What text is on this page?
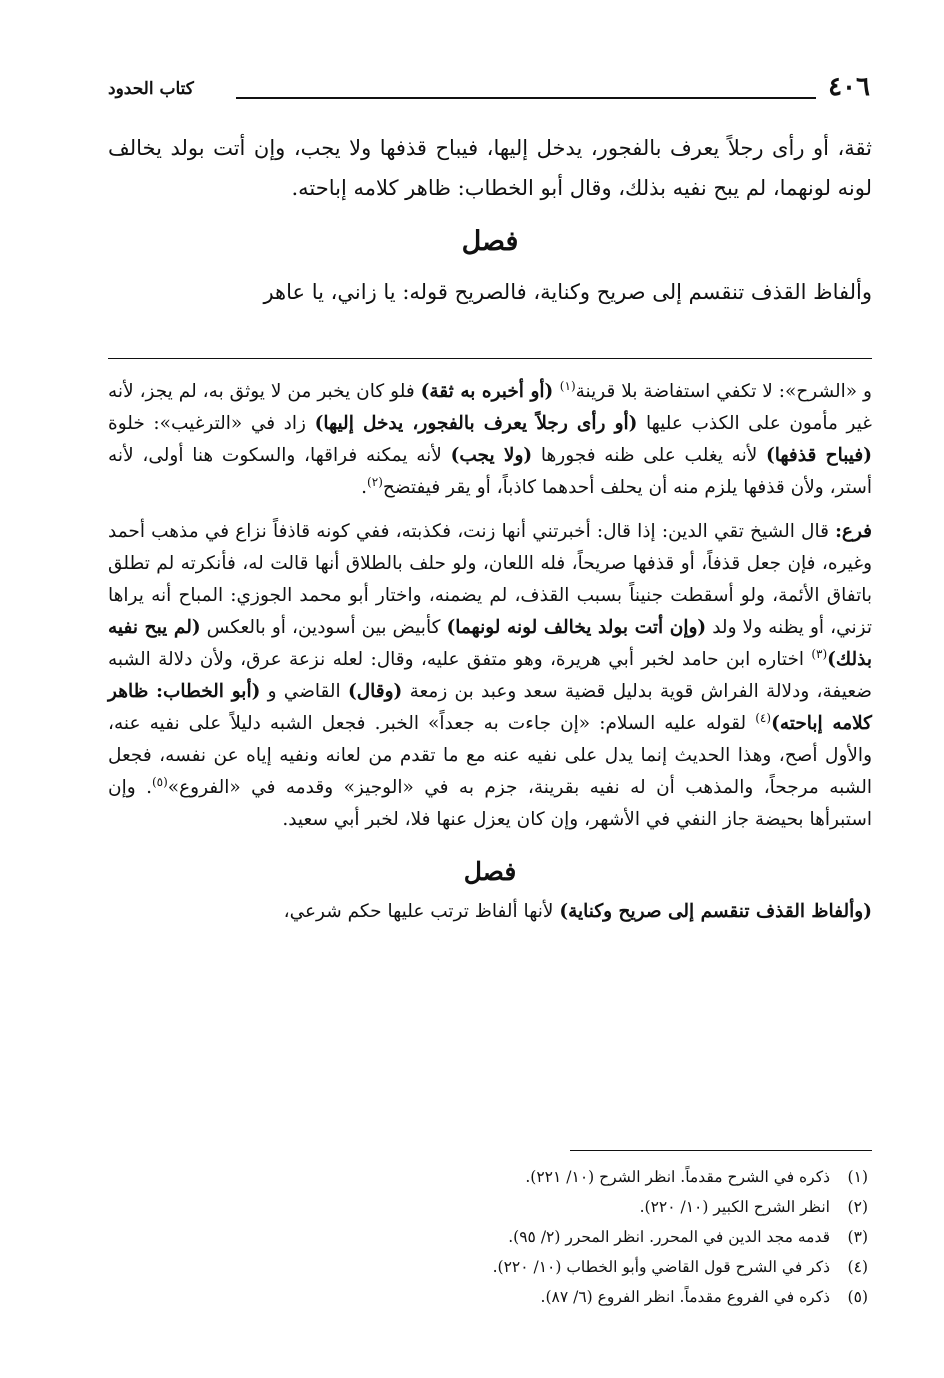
٤٠٦
كتاب الحدود

ثقة، أو رأى رجلاً يعرف بالفجور، يدخل إليها، فيباح قذفها ولا يجب، وإن أتت بولد يخالف لونه لونهما، لم يبح نفيه بذلك، وقال أبو الخطاب: ظاهر كلامه إباحته.

فصل

وألفاظ القذف تنقسم إلى صريح وكناية، فالصريح قوله: يا زاني، يا عاهر

و «الشرح»: لا تكفي استفاضة بلا قرينة$^{(١)}$ (أو أخبره به ثقة) فلو كان يخبر من لا يوثق به، لم يجز، لأنه غير مأمون على الكذب عليها (أو رأى رجلاً يعرف بالفجور، يدخل إليها) زاد في «الترغيب»: خلوة (فيباح قذفها) لأنه يغلب على ظنه فجورها (ولا يجب) لأنه يمكنه فراقها، والسكوت هنا أولى، لأنه أستر، ولأن قذفها يلزم منه أن يحلف أحدهما كاذباً، أو يقر فيفتضح$^{(٢)}$.

فرع: قال الشيخ تقي الدين: إذا قال: أخبرتني أنها زنت، فكذبته، ففي كونه قاذفاً نزاع في مذهب أحمد وغيره، فإن جعل قذفاً، أو قذفها صريحاً، فله اللعان، ولو حلف بالطلاق أنها قالت له، فأنكرته لم تطلق باتفاق الأئمة، ولو أسقطت جنيناً بسبب القذف، لم يضمنه، واختار أبو محمد الجوزي: المباح أنه يراها تزني، أو يظنه ولا ولد (وإن أتت بولد يخالف لونه لونهما) كأبيض بين أسودين، أو بالعكس (لم يبح نفيه بذلك)$^{(٣)}$ اختاره ابن حامد لخبر أبي هريرة، وهو متفق عليه، وقال: لعله نزعة عرق، ولأن دلالة الشبه ضعيفة، ودلالة الفراش قوية بدليل قضية سعد وعبد بن زمعة (وقال) القاضي و (أبو الخطاب: ظاهر كلامه إباحته)$^{(٤)}$ لقوله عليه السلام: «إن جاءت به جعداً» الخبر. فجعل الشبه دليلاً على نفيه عنه، والأول أصح، وهذا الحديث إنما يدل على نفيه عنه مع ما تقدم من لعانه ونفيه إياه عن نفسه، فجعل الشبه مرجحاً، والمذهب أن له نفيه بقرينة، جزم به في «الوجيز» وقدمه في «الفروع»$^{(٥)}$. وإن استبرأها بحيضة جاز النفي في الأشهر، وإن كان يعزل عنها فلا، لخبر أبي سعيد.

فصل

(وألفاظ القذف تنقسم إلى صريح وكناية) لأنها ألفاظ ترتب عليها حكم شرعي،

(١)ذكره في الشرح مقدماً. انظر الشرح (١٠/ ٢٢١).
(٢)انظر الشرح الكبير (١٠/ ٢٢٠).
(٣)قدمه مجد الدين في المحرر. انظر المحرر (٢/ ٩٥).
(٤)ذكر في الشرح قول القاضي وأبو الخطاب (١٠/ ٢٢٠).
(٥)ذكره في الفروع مقدماً. انظر الفروع (٦/ ٨٧).
